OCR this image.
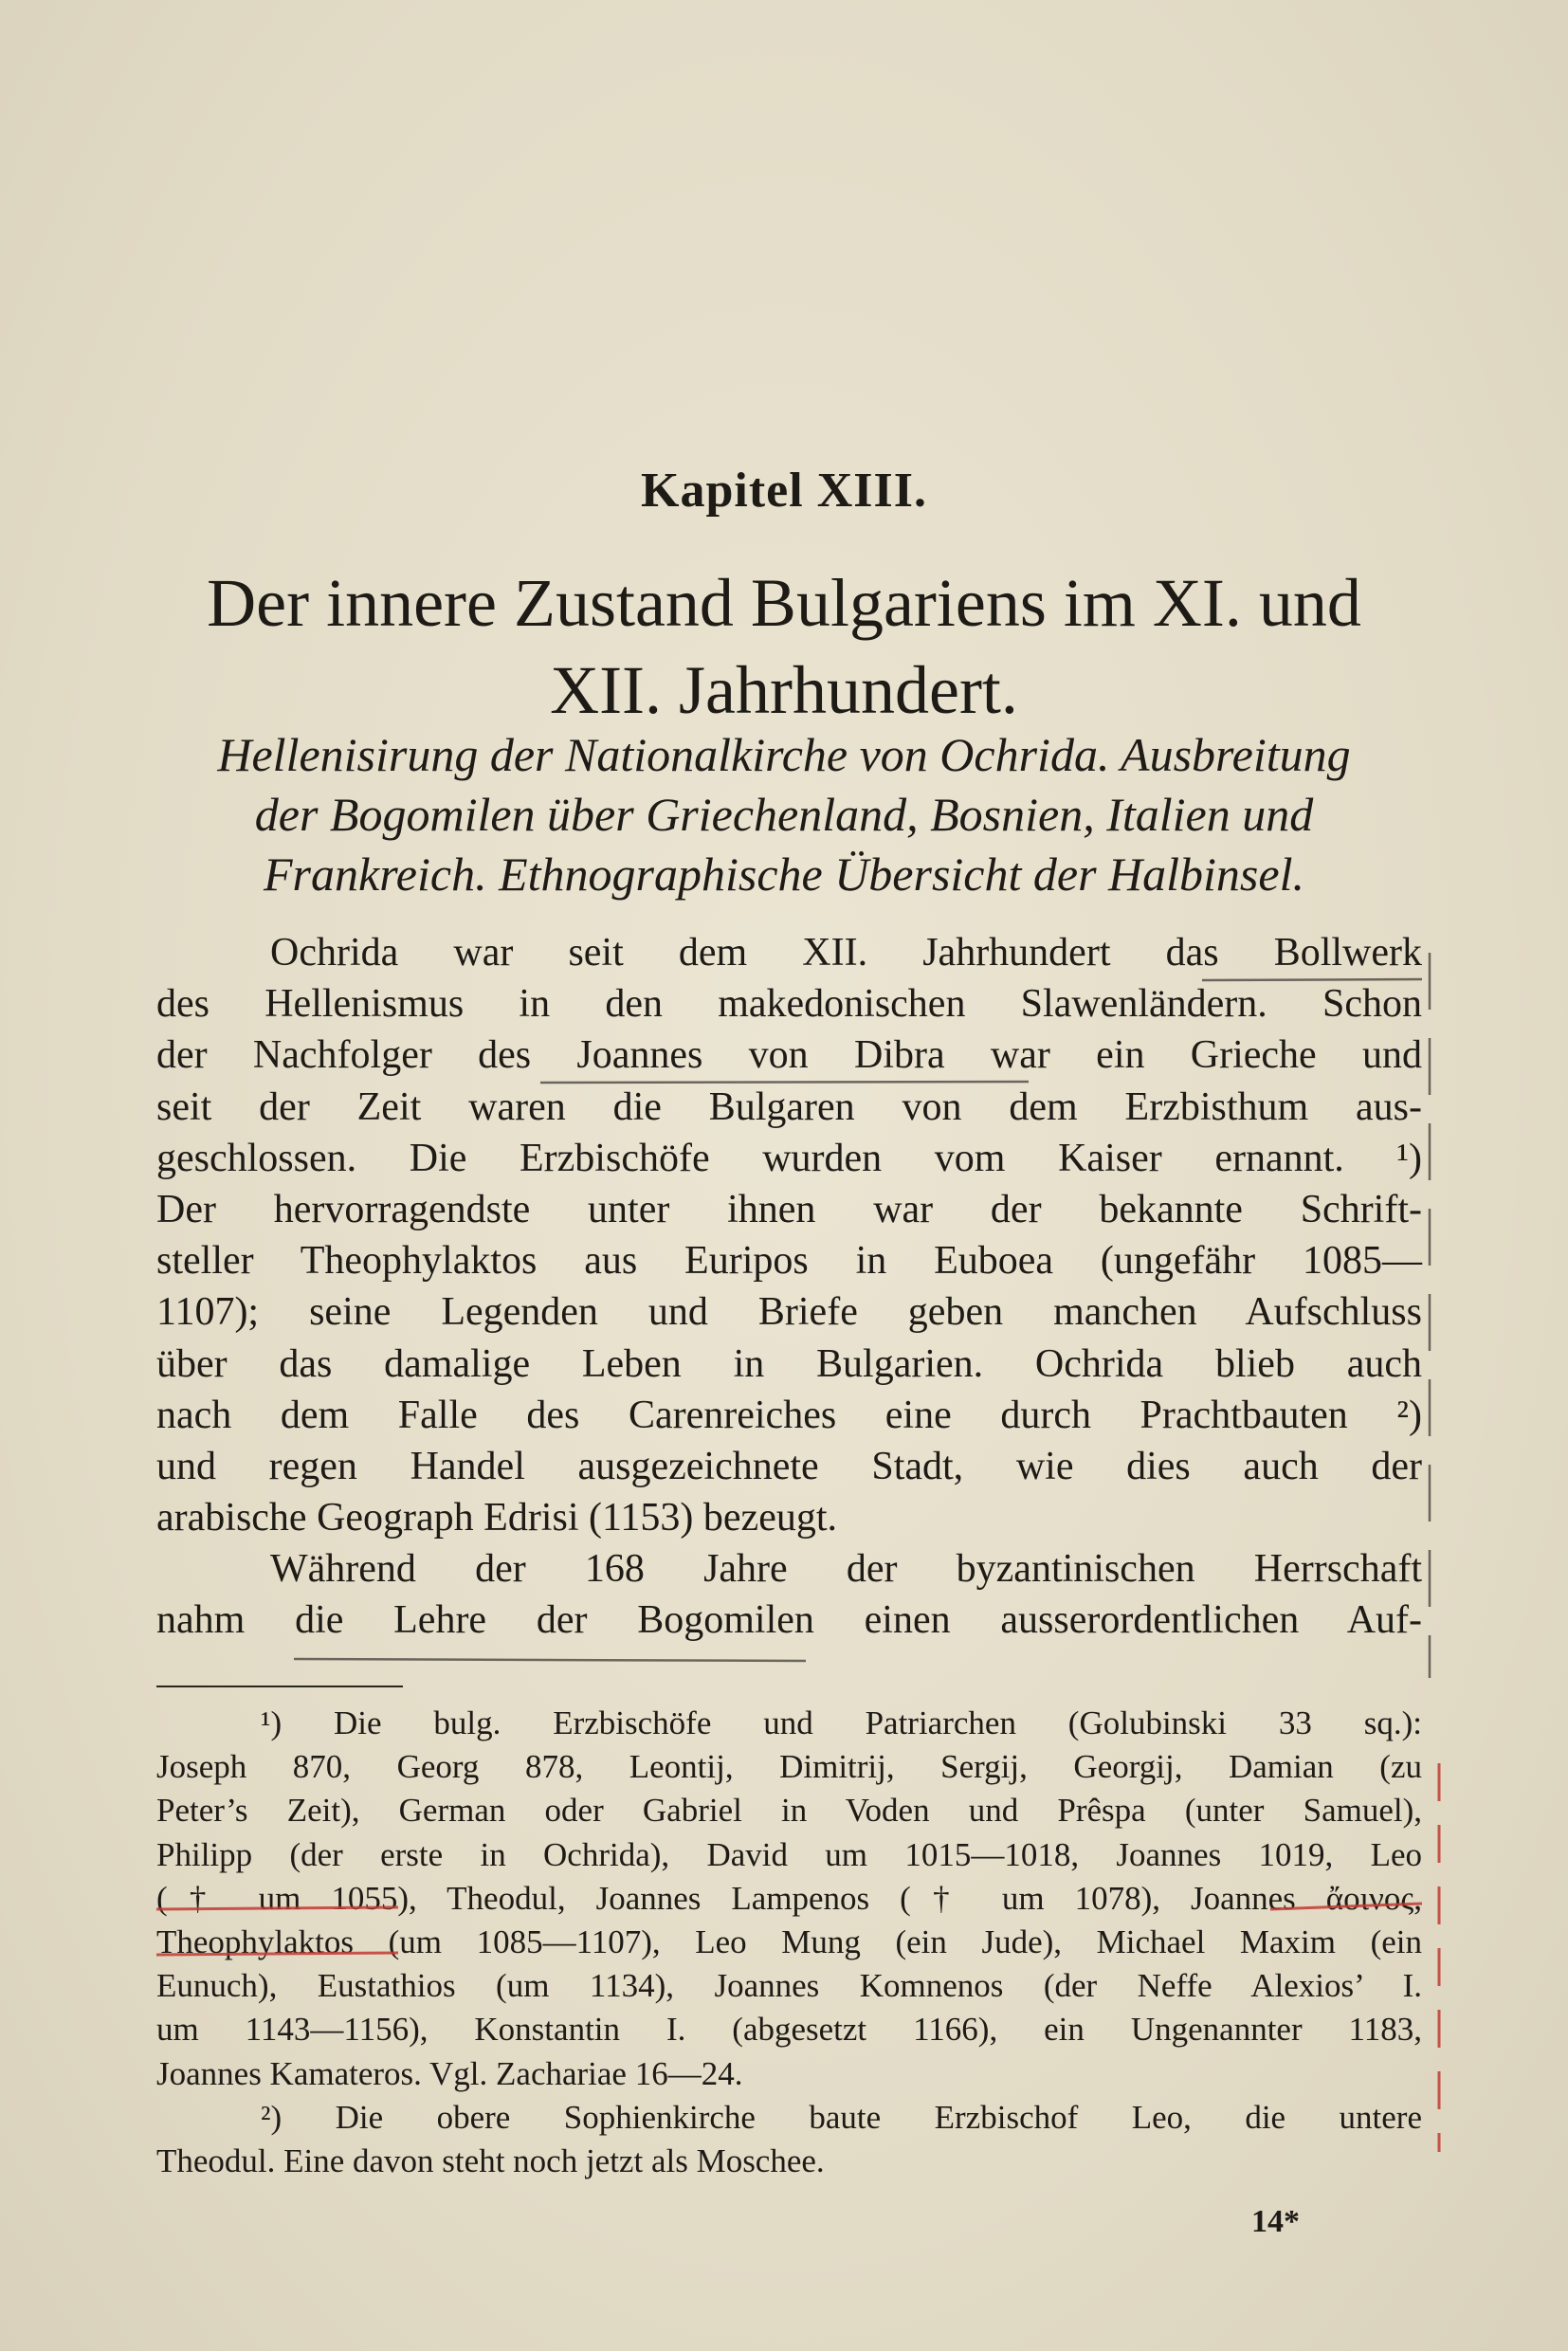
Kapitel XIII.
Der innere Zustand Bulgariens im XI. und
XII. Jahrhundert.
Hellenisirung der Nationalkirche von Ochrida. Ausbreitung
der Bogomilen über Griechenland, Bosnien, Italien und
Frankreich. Ethnographische Übersicht der Halbinsel.
Ochrida war seit dem XII. Jahrhundert das Bollwerk
des Hellenismus in den makedonischen Slawenländern. Schon
der Nachfolger des Joannes von Dibra war ein Grieche und
seit der Zeit waren die Bulgaren von dem Erzbisthum aus-
geschlossen. Die Erzbischöfe wurden vom Kaiser ernannt. ¹)
Der hervorragendste unter ihnen war der bekannte Schrift-
steller Theophylaktos aus Euripos in Euboea (ungefähr 1085—
1107); seine Legenden und Briefe geben manchen Aufschluss
über das damalige Leben in Bulgarien. Ochrida blieb auch
nach dem Falle des Carenreiches eine durch Prachtbauten ²)
und regen Handel ausgezeichnete Stadt, wie dies auch der
arabische Geograph Edrisi (1153) bezeugt.
Während der 168 Jahre der byzantinischen Herrschaft
nahm die Lehre der Bogomilen einen ausserordentlichen Auf-
¹) Die bulg. Erzbischöfe und Patriarchen (Golubinski 33 sq.):
Joseph 870, Georg 878, Leontij, Dimitrij, Sergij, Georgij, Damian (zu
Peter’s Zeit), German oder Gabriel in Voden und Prêspa (unter Samuel),
Philipp (der erste in Ochrida), David um 1015—1018, Joannes 1019, Leo
(† um 1055), Theodul, Joannes Lampenos († um 1078), Joannes ἄοινος,
Theophylaktos (um 1085—1107), Leo Mung (ein Jude), Michael Maxim (ein
Eunuch), Eustathios (um 1134), Joannes Komnenos (der Neffe Alexios’ I.
um 1143—1156), Konstantin I. (abgesetzt 1166), ein Ungenannter 1183,
Joannes Kamateros. Vgl. Zachariae 16—24.
²) Die obere Sophienkirche baute Erzbischof Leo, die untere
Theodul. Eine davon steht noch jetzt als Moschee.
14*
